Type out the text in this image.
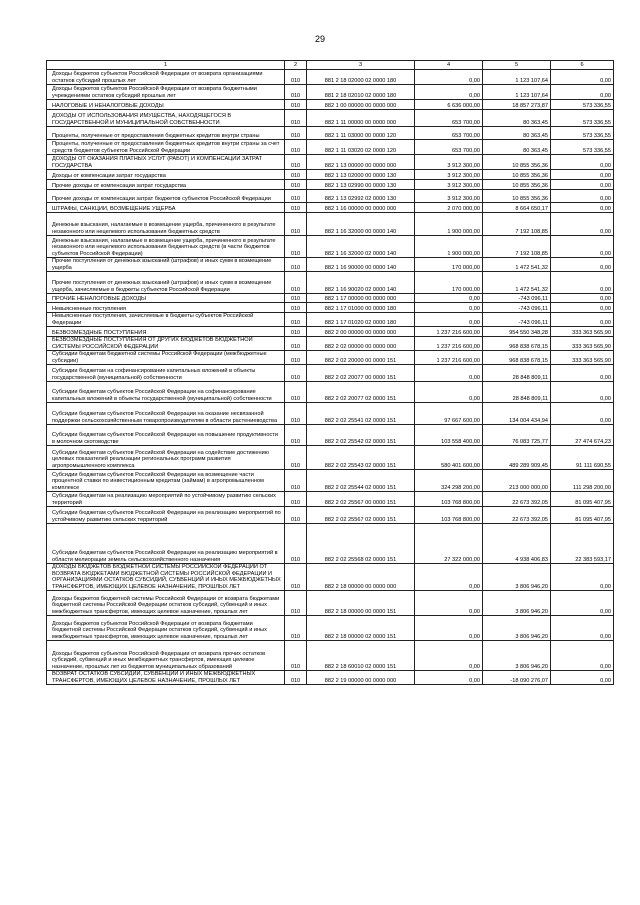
29
1	2	3	4	5	6

Доходы бюджетов субъектов Российской Федерации от возврата организациями остатков субсидий прошлых лет	010	881 2 18 02000 02 0000 180	0,00	1 123 107,64	0,00

Доходы бюджетов субъектов Российской Федерации от возврата бюджетными учреждениями остатков субсидий прошлых лет	010	881 2 18 02010 02 0000 180	0,00	1 123 107,64	0,00

НАЛОГОВЫЕ И НЕНАЛОГОВЫЕ ДОХОДЫ	010	882 1 00 00000 00 0000 000	6 636 000,00	18 857 273,87	573 336,55

ДОХОДЫ ОТ ИСПОЛЬЗОВАНИЯ ИМУЩЕСТВА, НАХОДЯЩЕГОСЯ В ГОСУДАРСТВЕННОЙ И МУНИЦИПАЛЬНОЙ СОБСТВЕННОСТИ	010	882 1 11 00000 00 0000 000	653 700,00	80 363,45	573 336,55

Проценты, полученные от предоставления бюджетных кредитов внутри страны	010	882 1 11 03000 00 0000 120	653 700,00	80 363,45	573 336,55

Проценты, полученные от предоставления бюджетных кредитов внутри страны за счет средств бюджетов субъектов Российской Федерации	010	882 1 11 03020 02 0000 120	653 700,00	80 363,45	573 336,55

ДОХОДЫ ОТ ОКАЗАНИЯ ПЛАТНЫХ УСЛУГ (РАБОТ) И КОМПЕНСАЦИИ ЗАТРАТ ГОСУДАРСТВА	010	882 1 13 00000 00 0000 000	3 912 300,00	10 855 356,36	0,00

Доходы от компенсации затрат государства	010	882 1 13 02000 00 0000 130	3 912 300,00	10 855 356,36	0,00

Прочие доходы от компенсации затрат государства	010	882 1 13 02990 00 0000 130	3 912 300,00	10 855 356,36	0,00

Прочие доходы от компенсации затрат бюджетов субъектов Российской Федерации	010	882 1 13 02992 02 0000 130	3 912 300,00	10 855 356,36	0,00

ШТРАФЫ, САНКЦИИ, ВОЗМЕЩЕНИЕ УЩЕРБА	010	882 1 16 00000 00 0000 000	2 070 000,00	8 664 650,17	0,00

Денежные взыскания, налагаемые в возмещение ущерба, причиненного в результате незаконного или нецелевого использования бюджетных средств	010	882 1 16 32000 00 0000 140	1 900 000,00	7 192 108,85	0,00

Денежные взыскания, налагаемые в возмещение ущерба, причиненного в результате незаконного или нецелевого использования бюджетных средств (в части бюджетов субъектов Российской Федерации)	010	882 1 16 32000 02 0000 140	1 900 000,00	7 192 108,85	0,00

Прочие поступления от денежных взысканий (штрафов) и иных сумм в возмещение ущерба	010	882 1 16 90000 00 0000 140	170 000,00	1 472 541,32	0,00

Прочие поступления от денежных взысканий (штрафов) и иных сумм в возмещение ущерба, зачисляемые в бюджеты субъектов Российской Федерации	010	882 1 16 90020 02 0000 140	170 000,00	1 472 541,32	0,00

ПРОЧИЕ НЕНАЛОГОВЫЕ ДОХОДЫ	010	882 1 17 00000 00 0000 000	0,00	-743 096,11	0,00

Невыясненные поступления	010	882 1 17 01000 00 0000 180	0,00	-743 096,11	0,00

Невыясненные поступления, зачисляемые в бюджеты субъектов Российской Федерации	010	882 1 17 01020 02 0000 180	0,00	-743 096,11	0,00

БЕЗВОЗМЕЗДНЫЕ ПОСТУПЛЕНИЯ	010	882 2 00 00000 00 0000 000	1 237 216 600,00	954 550 348,28	333 363 565,90

БЕЗВОЗМЕЗДНЫЕ ПОСТУПЛЕНИЯ ОТ ДРУГИХ БЮДЖЕТОВ БЮДЖЕТНОЙ СИСТЕМЫ РОССИЙСКОЙ ФЕДЕРАЦИИ	010	882 2 02 00000 00 0000 000	1 237 216 600,00	968 838 678,15	333 363 565,90

Субсидии бюджетам бюджетной системы Российской Федерации (межбюджетные субсидии)	010	882 2 02 20000 00 0000 151	1 237 216 600,00	968 838 678,15	333 363 565,90

Субсидии бюджетам на софинансирование капитальных вложений в объекты государственной (муниципальной) собственности	010	882 2 02 20077 00 0000 151	0,00	28 848 809,11	0,00

Субсидии бюджетам субъектов Российской Федерации на софинансирование капитальных вложений в объекты государственной (муниципальной) собственности	010	882 2 02 20077 02 0000 151	0,00	28 848 809,11	0,00

Субсидии бюджетам субъектов Российской Федерации на оказание несвязанной поддержки сельскохозяйственным товаропроизводителям в области растениеводства	010	882 2 02 25541 02 0000 151	97 667 600,00	134 004 434,94	0,00

Субсидии бюджетам субъектов Российской Федерации на повышение продуктивности в молочном скотоводстве	010	882 2 02 25542 02 0000 151	103 558 400,00	76 083 725,77	27 474 674,23

Субсидии бюджетам субъектов Российской Федерации на содействие достижению целевых показателей реализации региональных программ развития агропромышленного комплекса	010	882 2 02 25543 02 0000 151	580 401 600,00	489 289 909,45	91 111 690,55

Субсидии бюджетам субъектов Российской Федерации на возмещение части процентной ставки по инвестиционным кредитам (займам) в агропромышленном комплексе	010	882 2 02 25544 02 0000 151	324 298 200,00	213 000 000,00	111 298 200,00

Субсидии бюджетам на реализацию мероприятий по устойчивому развитию сельских территорий	010	882 2 02 25567 00 0000 151	103 768 800,00	22 673 392,05	81 095 407,95

Субсидии бюджетам субъектов Российской Федерации на реализацию мероприятий по устойчивому развитию сельских территорий	010	882 2 02 25567 02 0000 151	103 768 800,00	22 673 392,05	81 095 407,95

Субсидии бюджетам субъектов Российской Федерации на реализацию мероприятий в области мелиорации земель сельскохозяйственного назначения	010	882 2 02 25568 02 0000 151	27 322 000,00	4 938 406,83	22 383 593,17

ДОХОДЫ БЮДЖЕТОВ БЮДЖЕТНОЙ СИСТЕМЫ РОССИЙСКОЙ ФЕДЕРАЦИИ ОТ ВОЗВРАТА БЮДЖЕТАМИ БЮДЖЕТНОЙ СИСТЕМЫ РОССИЙСКОЙ ФЕДЕРАЦИИ И ОРГАНИЗАЦИЯМИ ОСТАТКОВ СУБСИДИЙ, СУБВЕНЦИЙ И ИНЫХ МЕЖБЮДЖЕТНЫХ ТРАНСФЕРТОВ, ИМЕЮЩИХ ЦЕЛЕВОЕ НАЗНАЧЕНИЕ, ПРОШЛЫХ ЛЕТ	010	882 2 18 00000 00 0000 000	0,00	3 806 946,20	0,00

Доходы бюджетов бюджетной системы Российской Федерации от возврата бюджетами бюджетной системы Российской Федерации остатков субсидий, субвенций и иных межбюджетных трансфертов, имеющих целевое назначение, прошлых лет	010	882 2 18 00000 00 0000 151	0,00	3 806 946,20	0,00

Доходы бюджетов субъектов Российской Федерации от возврата бюджетами бюджетной системы Российской Федерации остатков субсидий, субвенций и иных межбюджетных трансфертов, имеющих целевое назначение, прошлых лет	010	882 2 18 00000 02 0000 151	0,00	3 806 946,20	0,00

Доходы бюджетов субъектов Российской Федерации от возврата прочих остатков субсидий, субвенций и иных межбюджетных трансфертов, имеющих целевое назначение, прошлых лет из бюджетов муниципальных образований	010	882 2 18 60010 02 0000 151	0,00	3 806 946,20	0,00

ВОЗВРАТ ОСТАТКОВ СУБСИДИЙ, СУБВЕНЦИЙ И ИНЫХ МЕЖБЮДЖЕТНЫХ ТРАНСФЕРТОВ, ИМЕЮЩИХ ЦЕЛЕВОЕ НАЗНАЧЕНИЕ, ПРОШЛЫХ ЛЕТ	010	882 2 19 00000 00 0000 000	0,00	-18 090 276,07	0,00
